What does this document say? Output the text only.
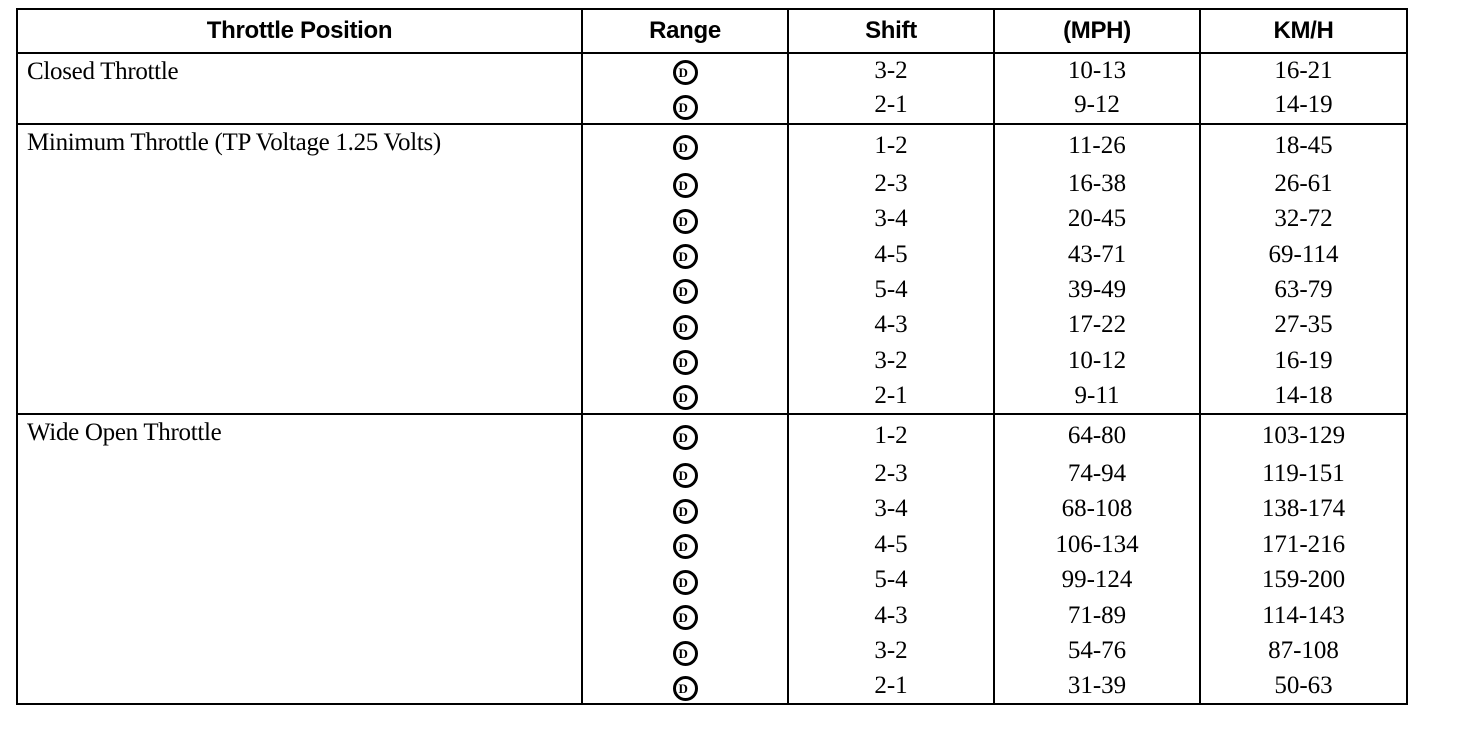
Throttle Position	Range	Shift	(MPH)	KM/H
Closed Throttle	D	3-2	10-13	16-21

	D	2-1	9-12	14-19
Minimum Throttle (TP Voltage 1.25 Volts)	D	1-2	11-26	18-45

	D	2-3	16-38	26-61

	D	3-4	20-45	32-72

	D	4-5	43-71	69-114

	D	5-4	39-49	63-79

	D	4-3	17-22	27-35

	D	3-2	10-12	16-19

	D	2-1	9-11	14-18
Wide Open Throttle	D	1-2	64-80	103-129

	D	2-3	74-94	119-151

	D	3-4	68-108	138-174

	D	4-5	106-134	171-216

	D	5-4	99-124	159-200

	D	4-3	71-89	114-143

	D	3-2	54-76	87-108

	D	2-1	31-39	50-63
